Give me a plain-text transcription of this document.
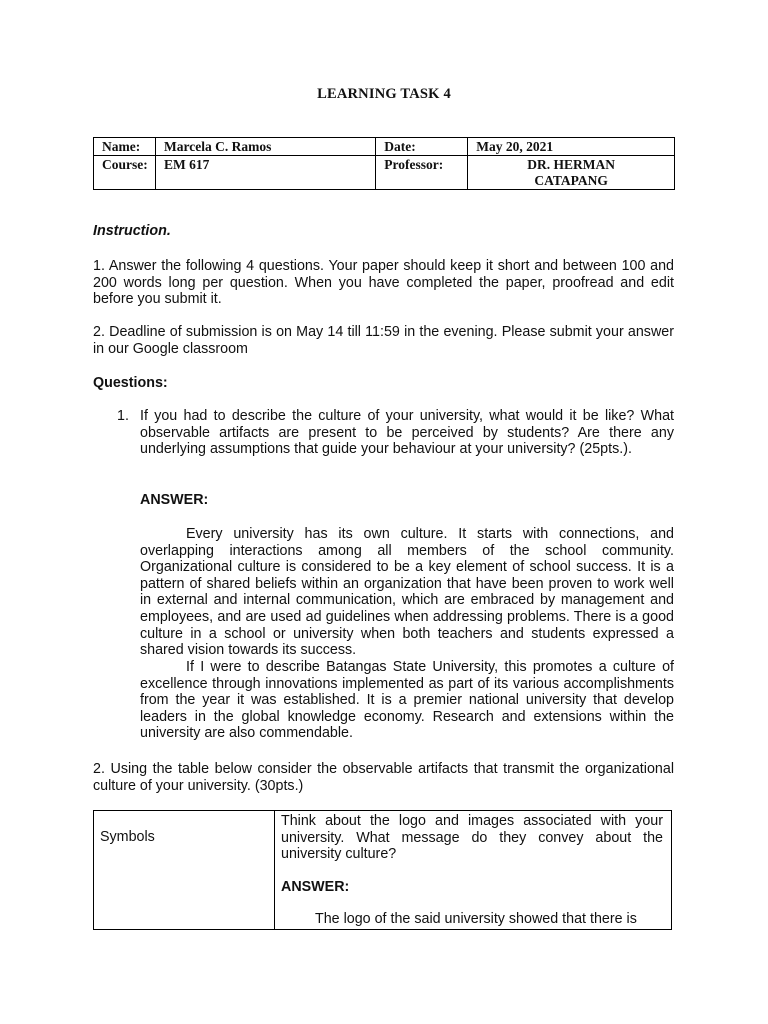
LEARNING TASK 4
Name:	Marcela C. Ramos	Date:	May 20, 2021
Course:	EM 617	Professor:	DR. HERMAN CATAPANG
Instruction.
1. Answer the following 4 questions. Your paper should keep it short and between 100 and 200 words long per question. When you have completed the paper, proofread and edit before you submit it.
2. Deadline of submission is on May 14 till 11:59 in the evening. Please submit your answer in our Google classroom
Questions:
1. If you had to describe the culture of your university, what would it be like? What observable artifacts are present to be perceived by students? Are there any underlying assumptions that guide your behaviour at your university? (25pts.).
ANSWER:
Every university has its own culture. It starts with connections, and overlapping interactions among all members of the school community. Organizational culture is considered to be a key element of school success. It is a pattern of shared beliefs within an organization that have been proven to work well in external and internal communication, which are embraced by management and employees, and are used ad guidelines when addressing problems. There is a good culture in a school or university when both teachers and students expressed a shared vision towards its success.
If I were to describe Batangas State University, this promotes a culture of excellence through innovations implemented as part of its various accomplishments from the year it was established. It is a premier national university that develop leaders in the global knowledge economy. Research and extensions within the university are also commendable.
2. Using the table below consider the observable artifacts that transmit the organizational culture of your university. (30pts.)
Symbols	Think about the logo and images associated with your university. What message do they convey about the university culture?
ANSWER:
The logo of the said university showed that there is
